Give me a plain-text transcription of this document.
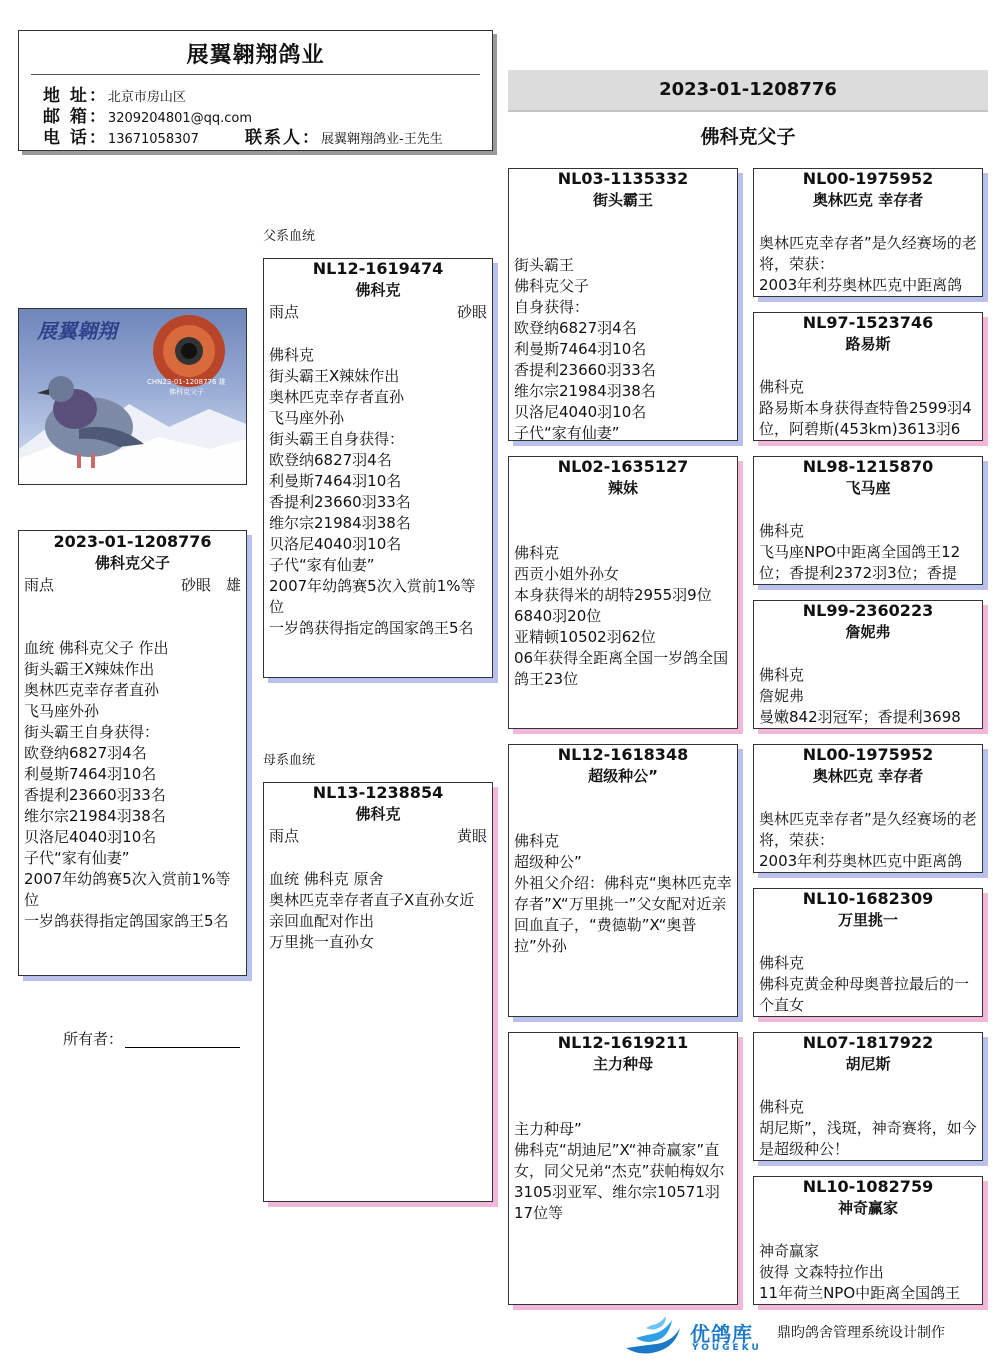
展翼翱翔鸽业
地 址：北京市房山区
邮 箱：3209204801@qq.com
电 话：13671058307	联系人：展翼翱翔鸽业-王先生
2023-01-1208776
佛科克父子
展翼翱翔
CHN23-01-1208776 雄
佛科克父子
2023-01-1208776
佛科克父子
雨点	砂眼　雄
血统 佛科克父子 作出
街头霸王X辣妹作出
奥林匹克幸存者直孙
飞马座外孙
街头霸王自身获得：
欧登纳6827羽4名
利曼斯7464羽10名
香提利23660羽33名
维尔宗21984羽38名
贝洛尼4040羽10名
子代“家有仙妻”
2007年幼鸽赛5次入赏前1%等位
一岁鸽获得指定鸽国家鸽王5名
所有者：
父系血统
母系血统
NL12-1619474
佛科克
雨点	砂眼
佛科克
街头霸王X辣妹作出
奥林匹克幸存者直孙
飞马座外孙
街头霸王自身获得：
欧登纳6827羽4名
利曼斯7464羽10名
香提利23660羽33名
维尔宗21984羽38名
贝洛尼4040羽10名
子代“家有仙妻”
2007年幼鸽赛5次入赏前1%等位
一岁鸽获得指定鸽国家鸽王5名
NL13-1238854
佛科克
雨点	黄眼
血统 佛科克 原舍
奥林匹克幸存者直子X直孙女近亲回血配对作出
万里挑一直孙女
NL03-1135332
街头霸王
街头霸王
佛科克父子
自身获得：
欧登纳6827羽4名
利曼斯7464羽10名
香提利23660羽33名
维尔宗21984羽38名
贝洛尼4040羽10名
子代“家有仙妻”
NL02-1635127
辣妹
佛科克
西贡小姐外孙女
本身获得米的胡特2955羽9位6840羽20位
亚精顿10502羽62位
06年获得全距离全国一岁鸽全国鸽王23位
NL12-1618348
超级种公”
佛科克
超级种公”
外祖父介绍：佛科克“奥林匹克幸存者”X“万里挑一”父女配对近亲回血直子，“费德勒”X“奥普拉”外孙
NL12-1619211
主力种母
主力种母”
佛科克“胡迪尼”X“神奇赢家”直女，同父兄弟“杰克”获帕梅奴尔3105羽亚军、维尔宗10571羽17位等
NL00-1975952
奥林匹克 幸存者
奥林匹克幸存者”是久经赛场的老将，荣获：
2003年利芬奥林匹克中距离鸽
NL97-1523746
路易斯
佛科克
路易斯本身获得查特鲁2599羽4位，阿碧斯(453km)3613羽6
NL98-1215870
飞马座
佛科克
飞马座NPO中距离全国鸽王12位；香提利2372羽3位；香提
NL99-2360223
詹妮弗
佛科克
詹妮弗
曼嫩842羽冠军；香提利3698
NL00-1975952
奥林匹克 幸存者
奥林匹克幸存者”是久经赛场的老将，荣获：
2003年利芬奥林匹克中距离鸽
NL10-1682309
万里挑一
佛科克
佛科克黄金种母奥普拉最后的一个直女
NL07-1817922
胡尼斯
佛科克
胡尼斯”，浅斑，神奇赛将，如今是超级种公！
NL10-1082759
神奇赢家
神奇赢家
彼得 文森特拉作出
11年荷兰NPO中距离全国鸽王
优鸽库
YOUGEKU
鼎昀鸽舍管理系统设计制作
